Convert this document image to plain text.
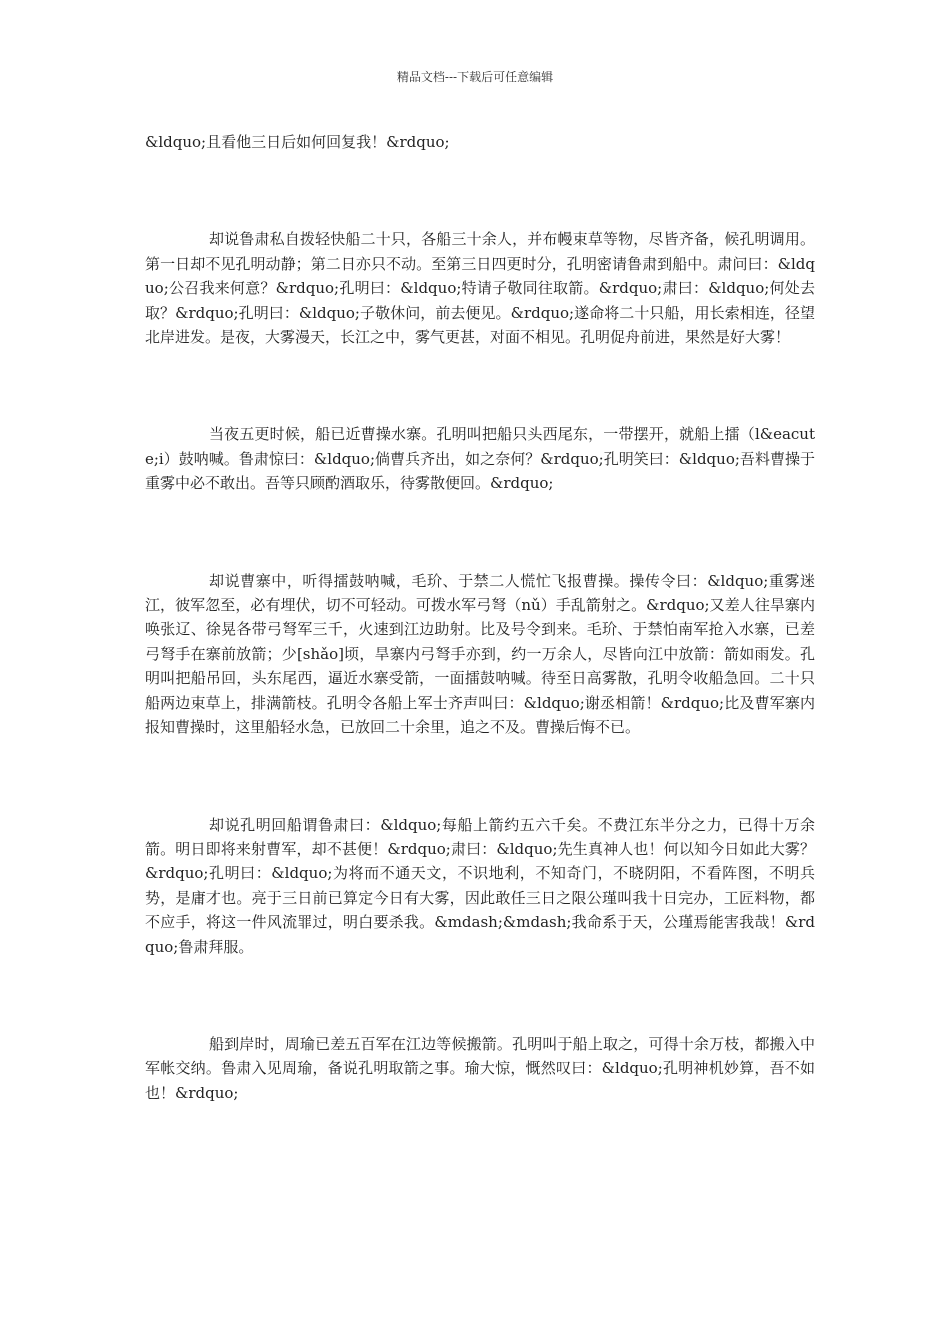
精品文档---下载后可任意编辑

&ldquo;且看他三日后如何回复我！&rdquo;

却说鲁肃私自拨轻快船二十只，各船三十余人，并布幔束草等物，尽皆齐备，候孔明调用。第一日却不见孔明动静；第二日亦只不动。至第三日四更时分，孔明密请鲁肃到船中。肃问曰：&ldquo;公召我来何意？&rdquo;孔明曰：&ldquo;特请子敬同往取箭。&rdquo;肃曰：&ldquo;何处去取？&rdquo;孔明曰：&ldquo;子敬休问，前去便见。&rdquo;遂命将二十只船，用长索相连，径望北岸进发。是夜，大雾漫天，长江之中，雾气更甚，对面不相见。孔明促舟前进，果然是好大雾！

当夜五更时候，船已近曹操水寨。孔明叫把船只头西尾东，一带摆开，就船上擂（l&eacute;i）鼓呐喊。鲁肃惊曰：&ldquo;倘曹兵齐出，如之奈何？&rdquo;孔明笑曰：&ldquo;吾料曹操于重雾中必不敢出。吾等只顾酌酒取乐，待雾散便回。&rdquo;

却说曹寨中，听得擂鼓呐喊，毛玠、于禁二人慌忙飞报曹操。操传令曰：&ldquo;重雾迷江，彼军忽至，必有埋伏，切不可轻动。可拨水军弓弩（nǔ）手乱箭射之。&rdquo;又差人往旱寨内唤张辽、徐晃各带弓弩军三千，火速到江边助射。比及号令到来。毛玠、于禁怕南军抢入水寨，已差弓弩手在寨前放箭；少[shǎo]顷，旱寨内弓弩手亦到，约一万余人，尽皆向江中放箭：箭如雨发。孔明叫把船吊回，头东尾西，逼近水寨受箭，一面擂鼓呐喊。待至日高雾散，孔明令收船急回。二十只船两边束草上，排满箭枝。孔明令各船上军士齐声叫曰：&ldquo;谢丞相箭！&rdquo;比及曹军寨内报知曹操时，这里船轻水急，已放回二十余里，追之不及。曹操后悔不已。

却说孔明回船谓鲁肃曰：&ldquo;每船上箭约五六千矣。不费江东半分之力，已得十万余箭。明日即将来射曹军，却不甚便！&rdquo;肃曰：&ldquo;先生真神人也！何以知今日如此大雾？&rdquo;孔明曰：&ldquo;为将而不通天文，不识地利，不知奇门，不晓阴阳，不看阵图，不明兵势，是庸才也。亮于三日前已算定今日有大雾，因此敢任三日之限公瑾叫我十日完办，工匠料物，都不应手，将这一件风流罪过，明白要杀我。&mdash;&mdash;我命系于天，公瑾焉能害我哉！&rdquo;鲁肃拜服。

船到岸时，周瑜已差五百军在江边等候搬箭。孔明叫于船上取之，可得十余万枝，都搬入中军帐交纳。鲁肃入见周瑜，备说孔明取箭之事。瑜大惊，慨然叹曰：&ldquo;孔明神机妙算，吾不如也！&rdquo;
